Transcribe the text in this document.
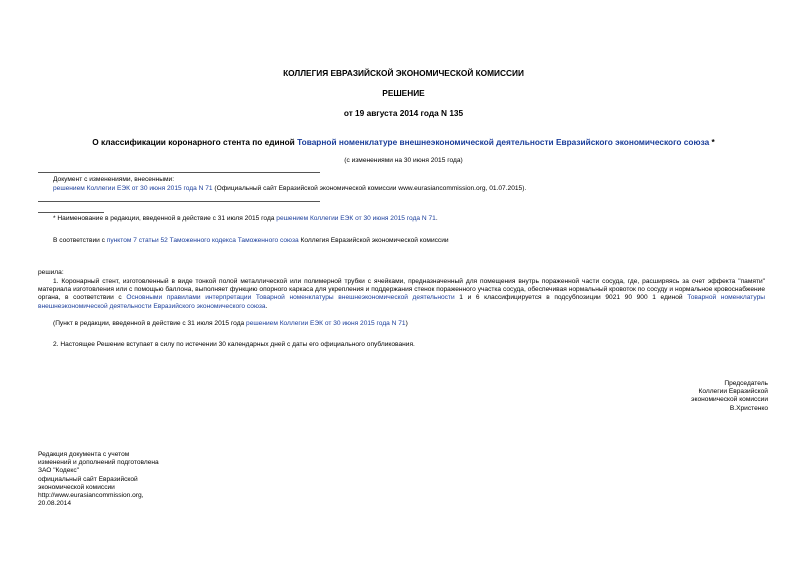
КОЛЛЕГИЯ ЕВРАЗИЙСКОЙ ЭКОНОМИЧЕСКОЙ КОМИССИИ
РЕШЕНИЕ
от 19 августа 2014 года N 135
О классификации коронарного стента по единой Товарной номенклатуре внешнеэкономической деятельности Евразийского экономического союза *
(с изменениями на 30 июня 2015 года)
Документ с изменениями, внесенными:
решением Коллегии ЕЭК от 30 июня 2015 года N 71 (Официальный сайт Евразийской экономической комиссии www.eurasiancommission.org, 01.07.2015).
* Наименование в редакции, введенной в действие с 31 июля 2015 года решением Коллегии ЕЭК от 30 июня 2015 года N 71.
В соответствии с пунктом 7 статьи 52 Таможенного кодекса Таможенного союза Коллегия Евразийской экономической комиссии
решила:
1. Коронарный стент, изготовленный в виде тонкой полой металлической или полимерной трубки с ячейками, предназначенный для помещения внутрь пораженной части сосуда, где, расширяясь за счет эффекта "памяти" материала изготовления или с помощью баллона, выполняет функцию опорного каркаса для укрепления и поддержания стенок пораженного участка сосуда, обеспечивая нормальный кровоток по сосуду и нормальное кровоснабжение органа, в соответствии с Основными правилами интерпретации Товарной номенклатуры внешнеэкономической деятельности 1 и 6 классифицируется в подсубпозиции 9021 90 900 1 единой Товарной номенклатуры внешнеэкономической деятельности Евразийского экономического союза.
(Пункт в редакции, введенной в действие с 31 июля 2015 года решением Коллегии ЕЭК от 30 июня 2015 года N 71)
2. Настоящее Решение вступает в силу по истечении 30 календарных дней с даты его официального опубликования.
Председатель
Коллегии Евразийской
экономической комиссии
В.Христенко
Редакция документа с учетом
изменений и дополнений подготовлена
ЗАО "Кодекс"
официальный сайт Евразийской
экономической комиссии
http://www.eurasiancommission.org,
20.08.2014
